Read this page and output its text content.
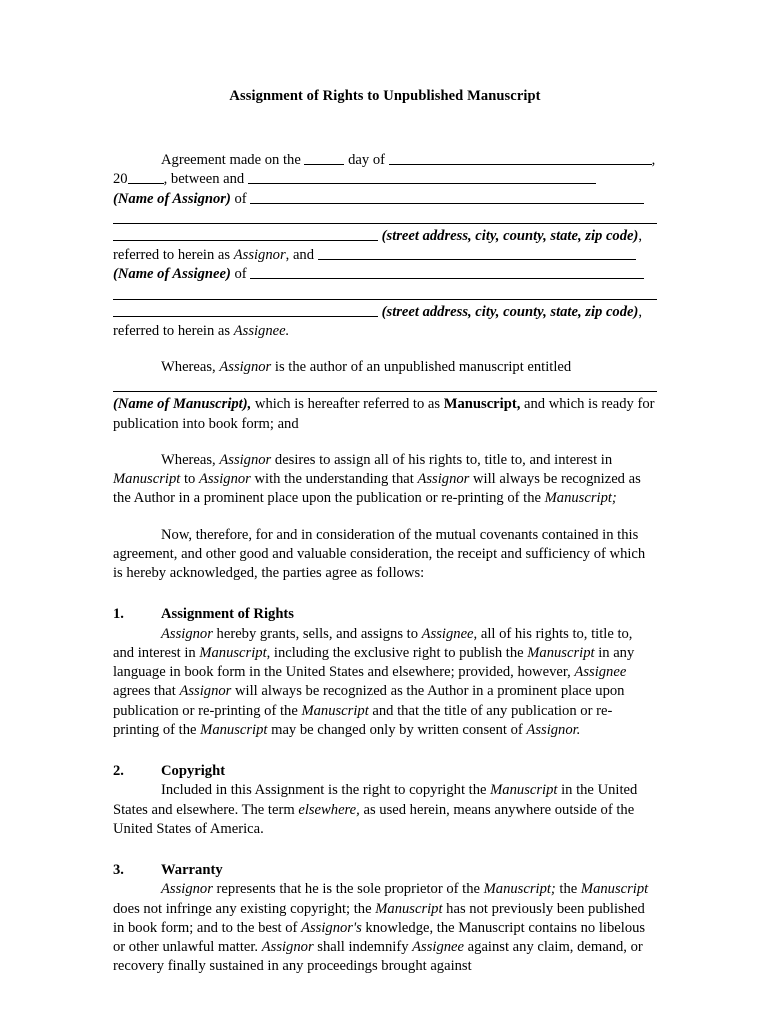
Assignment of Rights to Unpublished Manuscript

Agreement made on the	day of	,

20 , between and

(Name of Assignor) of

(street address, city, county, state, zip code),

referred to herein as Assignor, and

(Name of Assignee) of

(street address, city, county, state, zip code),

referred to herein as Assignee.

Whereas, Assignor is the author of an unpublished manuscript entitled

(Name of Manuscript), which is hereafter referred to as Manuscript, and which is ready for publication into book form; and

Whereas, Assignor desires to assign all of his rights to, title to, and interest in Manuscript to Assignor with the understanding that Assignor will always be recognized as the Author in a prominent place upon the publication or re-printing of the Manuscript;

Now, therefore, for and in consideration of the mutual covenants contained in this agreement, and other good and valuable consideration, the receipt and sufficiency of which is hereby acknowledged, the parties agree as follows:

1.	Assignment of Rights

Assignor hereby grants, sells, and assigns to Assignee, all of his rights to, title to, and interest in Manuscript, including the exclusive right to publish the Manuscript in any language in book form in the United States and elsewhere; provided, however, Assignee agrees that Assignor will always be recognized as the Author in a prominent place upon publication or re-printing of the Manuscript and that the title of any publication or re-printing of the Manuscript may be changed only by written consent of Assignor.

2.	Copyright

Included in this Assignment is the right to copyright the Manuscript in the United States and elsewhere. The term elsewhere, as used herein, means anywhere outside of the United States of America.

3.	Warranty

Assignor represents that he is the sole proprietor of the Manuscript; the Manuscript does not infringe any existing copyright; the Manuscript has not previously been published in book form; and to the best of Assignor's knowledge, the Manuscript contains no libelous or other unlawful matter. Assignor shall indemnify Assignee against any claim, demand, or recovery finally sustained in any proceedings brought against
